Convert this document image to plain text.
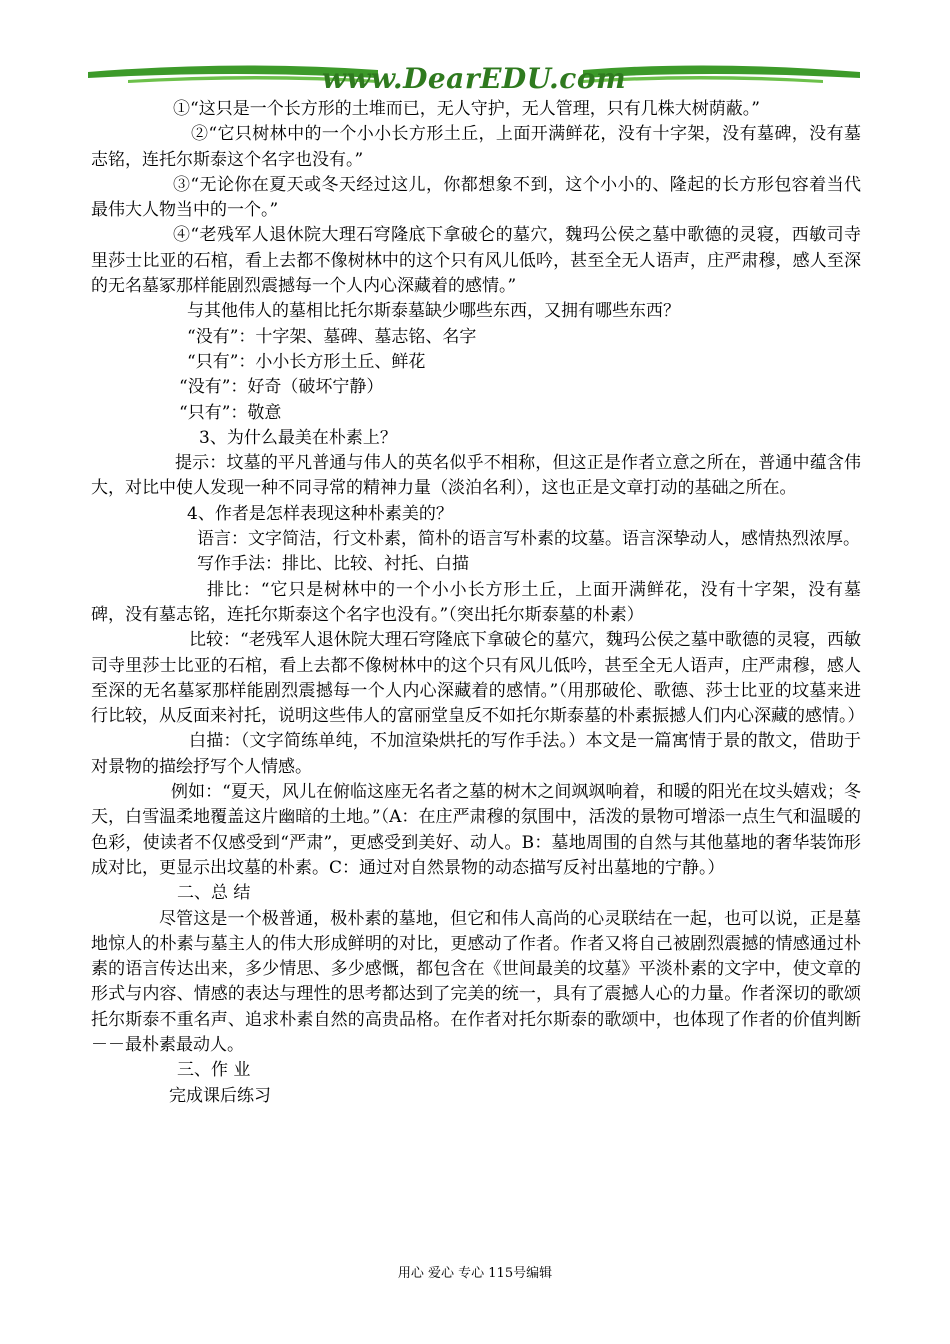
www.DearEDU.com

①“这只是一个长方形的土堆而已，无人守护，无人管理，只有几株大树荫蔽。”

②“它只树林中的一个小小长方形土丘，上面开满鲜花，没有十字架，没有墓碑，没有墓志铭，连托尔斯泰这个名字也没有。”

③“无论你在夏天或冬天经过这儿，你都想象不到，这个小小的、隆起的长方形包容着当代最伟大人物当中的一个。”

④“老残军人退休院大理石穹隆底下拿破仑的墓穴，魏玛公侯之墓中歌德的灵寝，西敏司寺里莎士比亚的石棺，看上去都不像树林中的这个只有风儿低吟，甚至全无人语声，庄严肃穆，感人至深的无名墓冢那样能剧烈震撼每一个人内心深藏着的感情。”

与其他伟人的墓相比托尔斯泰墓缺少哪些东西，又拥有哪些东西？

“没有”：十字架、墓碑、墓志铭、名字

“只有”：小小长方形土丘、鲜花

“没有”：好奇（破坏宁静）

“只有”：敬意

3、为什么最美在朴素上？

提示：坟墓的平凡普通与伟人的英名似乎不相称，但这正是作者立意之所在，普通中蕴含伟大，对比中使人发现一种不同寻常的精神力量（淡泊名利），这也正是文章打动的基础之所在。

4、作者是怎样表现这种朴素美的？

语言：文字简洁，行文朴素，简朴的语言写朴素的坟墓。语言深挚动人，感情热烈浓厚。

写作手法：排比、比较、衬托、白描

排比：“它只是树林中的一个小小长方形土丘，上面开满鲜花，没有十字架，没有墓碑，没有墓志铭，连托尔斯泰这个名字也没有。”（突出托尔斯泰墓的朴素）

比较：“老残军人退休院大理石穹隆底下拿破仑的墓穴，魏玛公侯之墓中歌德的灵寝，西敏司寺里莎士比亚的石棺，看上去都不像树林中的这个只有风儿低吟，甚至全无人语声，庄严肃穆，感人至深的无名墓冢那样能剧烈震撼每一个人内心深藏着的感情。”（用那破伦、歌德、莎士比亚的坟墓来进行比较，从反面来衬托，说明这些伟人的富丽堂皇反不如托尔斯泰墓的朴素振撼人们内心深藏的感情。）

白描：（文字简练单纯，不加渲染烘托的写作手法。）本文是一篇寓情于景的散文，借助于对景物的描绘抒写个人情感。

例如：“夏天，风儿在俯临这座无名者之墓的树木之间飒飒响着，和暖的阳光在坟头嬉戏；冬天，白雪温柔地覆盖这片幽暗的土地。”（A：在庄严肃穆的氛围中，活泼的景物可增添一点生气和温暖的色彩，使读者不仅感受到“严肃”，更感受到美好、动人。B：墓地周围的自然与其他墓地的奢华装饰形成对比，更显示出坟墓的朴素。C：通过对自然景物的动态描写反衬出墓地的宁静。）

二、总 结

尽管这是一个极普通，极朴素的墓地，但它和伟人高尚的心灵联结在一起，也可以说，正是墓地惊人的朴素与墓主人的伟大形成鲜明的对比，更感动了作者。作者又将自己被剧烈震撼的情感通过朴素的语言传达出来，多少情思、多少感慨，都包含在《世间最美的坟墓》平淡朴素的文字中，使文章的形式与内容、情感的表达与理性的思考都达到了完美的统一，具有了震撼人心的力量。作者深切的歌颂托尔斯泰不重名声、追求朴素自然的高贵品格。在作者对托尔斯泰的歌颂中，也体现了作者的价值判断－－最朴素最动人。

三、作 业

完成课后练习

用心 爱心 专心 115号编辑
